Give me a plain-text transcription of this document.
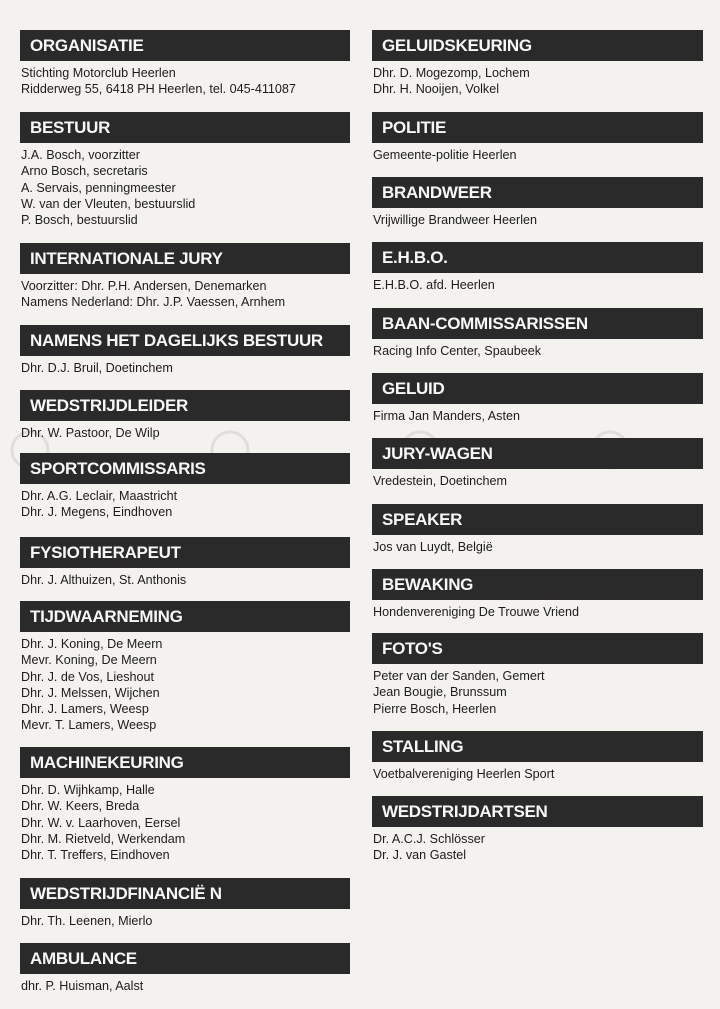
ORGANISATIE
Stichting Motorclub Heerlen
Ridderweg 55, 6418 PH Heerlen, tel. 045-411087
BESTUUR
J.A. Bosch, voorzitter
Arno Bosch, secretaris
A. Servais, penningmeester
W. van der Vleuten, bestuurslid
P. Bosch, bestuurslid
INTERNATIONALE JURY
Voorzitter: Dhr. P.H. Andersen, Denemarken
Namens Nederland: Dhr. J.P. Vaessen, Arnhem
NAMENS HET DAGELIJKS BESTUUR
Dhr. D.J. Bruil, Doetinchem
WEDSTRIJDLEIDER
Dhr. W. Pastoor, De Wilp
SPORTCOMMISSARIS
Dhr. A.G. Leclair, Maastricht
Dhr. J. Megens, Eindhoven
FYSIOTHERAPEUT
Dhr. J. Althuizen, St. Anthonis
TIJDWAARNEMING
Dhr. J. Koning, De Meern
Mevr. Koning, De Meern
Dhr. J. de Vos, Lieshout
Dhr. J. Melssen, Wijchen
Dhr. J. Lamers, Weesp
Mevr. T. Lamers, Weesp
MACHINEKEURING
Dhr. D. Wijhkamp, Halle
Dhr. W. Keers, Breda
Dhr. W. v. Laarhoven, Eersel
Dhr. M. Rietveld, Werkendam
Dhr. T. Treffers, Eindhoven
WEDSTRIJDFINANCIË N
Dhr. Th. Leenen, Mierlo
AMBULANCE
dhr. P. Huisman, Aalst
GELUIDSKEURING
Dhr. D. Mogezomp, Lochem
Dhr. H. Nooijen, Volkel
POLITIE
Gemeente-politie Heerlen
BRANDWEER
Vrijwillige Brandweer Heerlen
E.H.B.O.
E.H.B.O. afd. Heerlen
BAAN-COMMISSARISSEN
Racing Info Center, Spaubeek
GELUID
Firma Jan Manders, Asten
JURY-WAGEN
Vredestein, Doetinchem
SPEAKER
Jos van Luydt, België
BEWAKING
Hondenvereniging De Trouwe Vriend
FOTO'S
Peter van der Sanden, Gemert
Jean Bougie, Brunssum
Pierre Bosch, Heerlen
STALLING
Voetbalvereniging Heerlen Sport
WEDSTRIJDARTSEN
Dr. A.C.J. Schlösser
Dr. J. van Gastel
